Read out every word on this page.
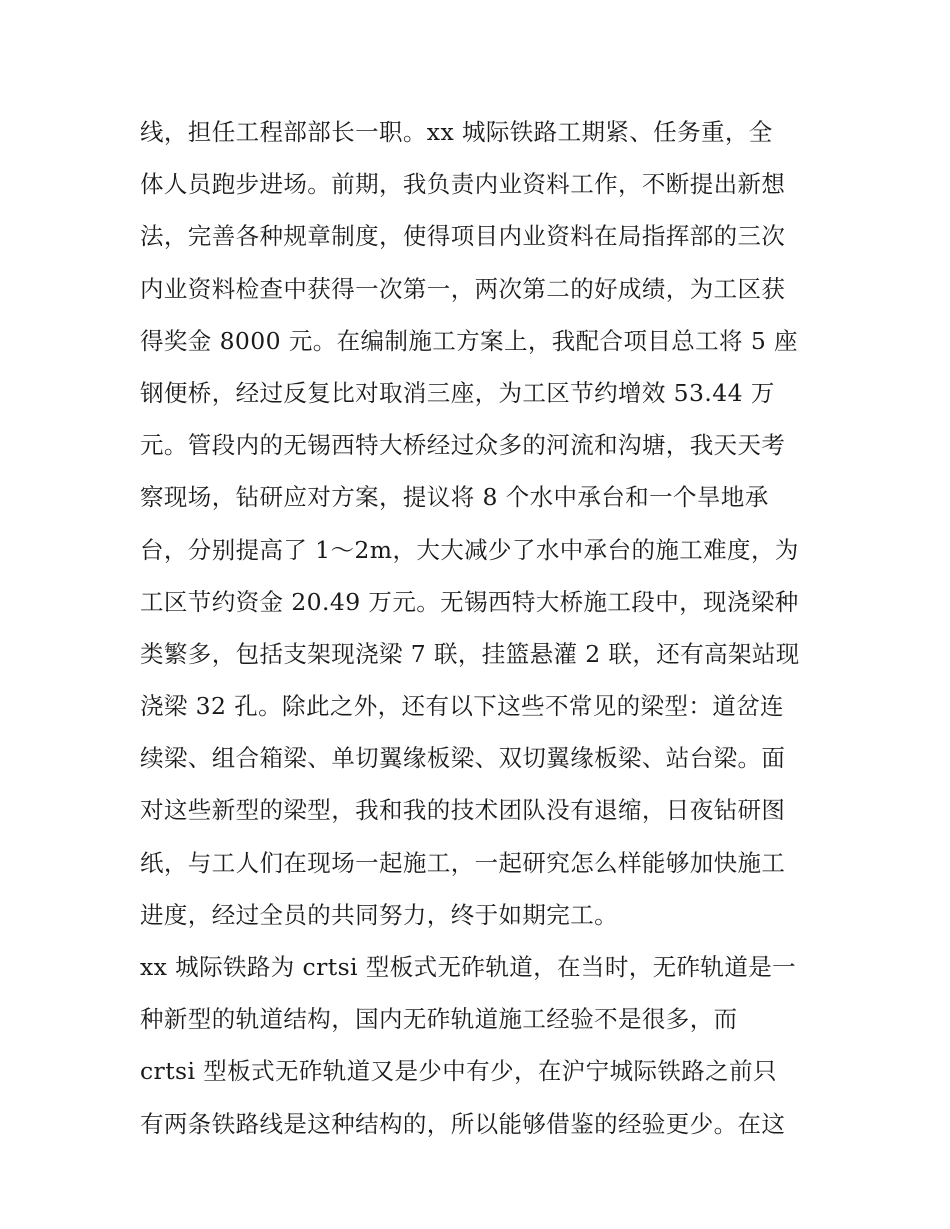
线，担任工程部部长一职。xx 城际铁路工期紧、任务重，全
体人员跑步进场。前期，我负责内业资料工作，不断提出新想
法，完善各种规章制度，使得项目内业资料在局指挥部的三次
内业资料检查中获得一次第一，两次第二的好成绩，为工区获
得奖金 8000 元。在编制施工方案上，我配合项目总工将 5 座
钢便桥，经过反复比对取消三座，为工区节约增效 53.44 万
元。管段内的无锡西特大桥经过众多的河流和沟塘，我天天考
察现场，钻研应对方案，提议将 8 个水中承台和一个旱地承
台，分别提高了 1～2m，大大减少了水中承台的施工难度，为
工区节约资金 20.49 万元。无锡西特大桥施工段中，现浇梁种
类繁多，包括支架现浇梁 7 联，挂篮悬灌 2 联，还有高架站现
浇梁 32 孔。除此之外，还有以下这些不常见的梁型：道岔连
续梁、组合箱梁、单切翼缘板梁、双切翼缘板梁、站台梁。面
对这些新型的梁型，我和我的技术团队没有退缩，日夜钻研图
纸，与工人们在现场一起施工，一起研究怎么样能够加快施工
进度，经过全员的共同努力，终于如期完工。
xx 城际铁路为 crtsi 型板式无砟轨道，在当时，无砟轨道是一
种新型的轨道结构，国内无砟轨道施工经验不是很多，而
crtsi 型板式无砟轨道又是少中有少，在沪宁城际铁路之前只
有两条铁路线是这种结构的，所以能够借鉴的经验更少。在这
